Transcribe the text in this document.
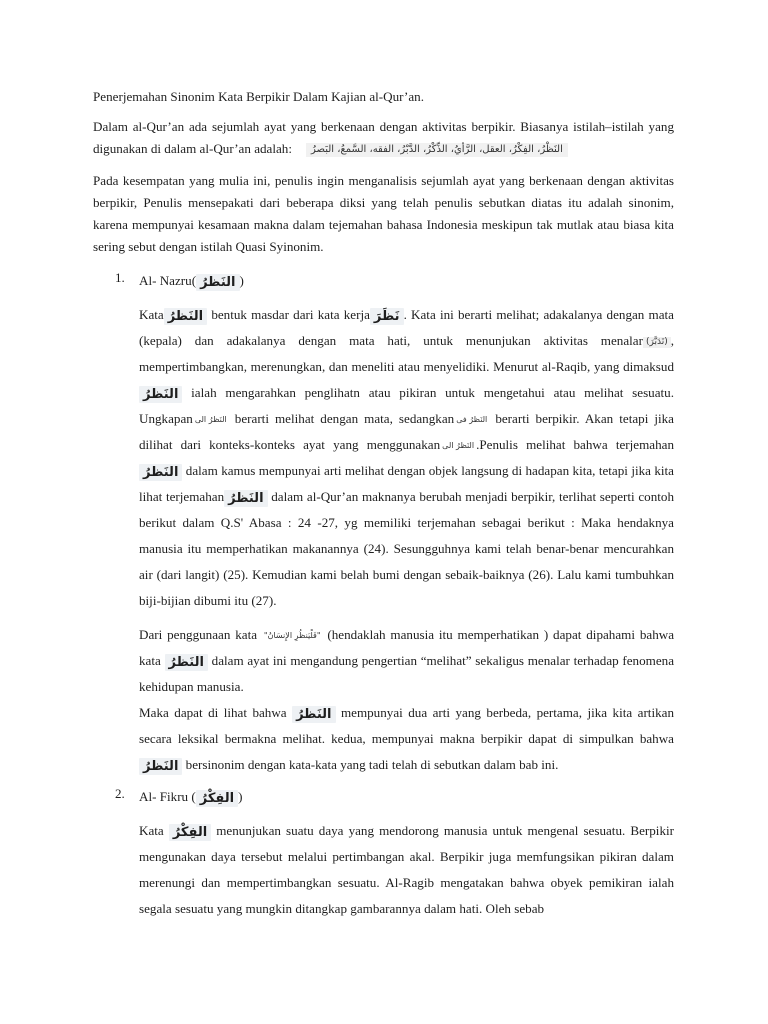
Penerjemahan Sinonim Kata Berpikir Dalam Kajian al-Qur’an.

Dalam al-Qur’an ada sejumlah ayat yang berkenaan dengan aktivitas berpikir. Biasanya istilah–istilah yang digunakan di dalam al-Qur’an adalah: النَظْرُ، الفِكْرُ، العقل، الرَّأيُ، الذِّكْرُ، الدَّبْرُ، الفقه، السَّمعُ، البَصرُ

Pada kesempatan yang mulia ini, penulis ingin menganalisis sejumlah ayat yang berkenaan dengan aktivitas berpikir, Penulis mensepakati dari beberapa diksi yang telah penulis sebutkan diatas itu adalah sinonim, karena mempunyai kesamaan makna dalam tejemahan bahasa Indonesia meskipun tak mutlak atau biasa kita sering sebut dengan istilah Quasi Syinonim.

1. Al- Nazru( النَظرُ )

Kata النَظرُ bentuk masdar dari kata kerja نَظَرَ . Kata ini berarti melihat; adakalanya dengan mata (kepala) dan adakalanya dengan mata hati, untuk menunjukan aktivitas menalar (تَدَبَّرَ) , mempertimbangkan, merenungkan, dan meneliti atau menyelidiki. Menurut al-Raqib, yang dimaksudالنَظرُ ialah mengarahkan penglihatn atau pikiran untuk mengetahui atau melihat sesuatu. Ungkapan النَظرُ الى berarti melihat dengan mata, sedangkan النَظرُ فى berarti berpikir. Akan tetapi jika dilihat dari konteks-konteks ayat yang menggunakan النَظرُ الى .Penulis melihat bahwa terjemahanالنَظرُ dalam kamus mempunyai arti melihat dengan objek langsung di hadapan kita, tetapi jika kita lihat terjemahan النَظرُ dalam al-Qur’an maknanya berubah menjadi berpikir, terlihat seperti contoh berikut dalam Q.S' Abasa : 24 -27, yg memiliki terjemahan sebagai berikut : Maka hendaknya manusia itu memperhatikan makanannya (24). Sesungguhnya kami telah benar-benar mencurahkan air (dari langit) (25). Kemudian kami belah bumi dengan sebaik-baiknya (26). Lalu kami tumbuhkan biji-bijian dibumi itu (27).

Dari penggunaan kata "فَلْيَنظُرِ الإِنسَانُ" (hendaklah manusia itu memperhatikan ) dapat dipahami bahwa kata النَظرُ dalam ayat ini mengandung pengertian “melihat” sekaligus menalar terhadap fenomena kehidupan manusia.

Maka dapat di lihat bahwa النَظرُ mempunyai dua arti yang berbeda, pertama, jika kita artikan secara leksikal bermakna melihat. kedua, mempunyai makna berpikir dapat di simpulkan bahwa النَظرُ bersinonim dengan kata-kata yang tadi telah di sebutkan dalam bab ini.

2. Al- Fikru ( الفِكْرُ )

Kata الفِكْرُ menunjukan suatu daya yang mendorong manusia untuk mengenal sesuatu. Berpikir mengunakan daya tersebut melalui pertimbangan akal. Berpikir juga memfungsikan pikiran dalam merenungi dan mempertimbangkan sesuatu. Al-Ragib mengatakan bahwa obyek pemikiran ialah segala sesuatu yang mungkin ditangkap gambarannya dalam hati. Oleh sebab
